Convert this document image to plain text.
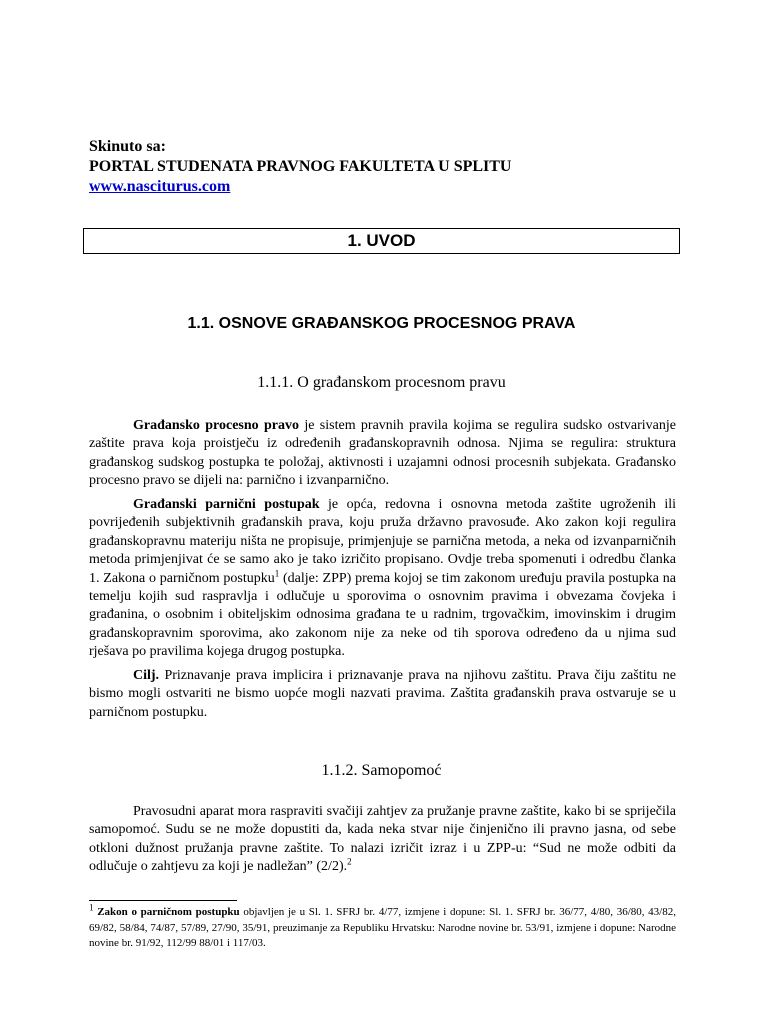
Skinuto sa:
PORTAL STUDENATA PRAVNOG FAKULTETA U SPLITU
www.nasciturus.com
1. UVOD
1.1. OSNOVE GRAĐANSKOG PROCESNOG PRAVA
1.1.1. O građanskom procesnom pravu
Građansko procesno pravo je sistem pravnih pravila kojima se regulira sudsko ostvarivanje zaštite prava koja proistječu iz određenih građanskopravnih odnosa. Njima se regulira: struktura građanskog sudskog postupka te položaj, aktivnosti i uzajamni odnosi procesnih subjekata. Građansko procesno pravo se dijeli na: parnično i izvanparnično.
Građanski parnični postupak je opća, redovna i osnovna metoda zaštite ugroženih ili povrijeđenih subjektivnih građanskih prava, koju pruža državno pravosuđe. Ako zakon koji regulira građanskopravnu materiju ništa ne propisuje, primjenjuje se parnična metoda, a neka od izvanparničnih metoda primjenjivat će se samo ako je tako izričito propisano. Ovdje treba spomenuti i odredbu članka 1. Zakona o parničnom postupku$^1$ (dalje: ZPP) prema kojoj se tim zakonom uređuju pravila postupka na temelju kojih sud raspravlja i odlučuje u sporovima o osnovnim pravima i obvezama čovjeka i građanina, o osobnim i obiteljskim odnosima građana te u radnim, trgovačkim, imovinskim i drugim građanskopravnim sporovima, ako zakonom nije za neke od tih sporova određeno da u njima sud rješava po pravilima kojega drugog postupka.
Cilj. Priznavanje prava implicira i priznavanje prava na njihovu zaštitu. Prava čiju zaštitu ne bismo mogli ostvariti ne bismo uopće mogli nazvati pravima. Zaštita građanskih prava ostvaruje se u parničnom postupku.
1.1.2. Samopomoć
Pravosudni aparat mora raspraviti svačiji zahtjev za pružanje pravne zaštite, kako bi se spriječila samopomoć. Sudu se ne može dopustiti da, kada neka stvar nije činjenično ili pravno jasna, od sebe otkloni dužnost pružanja pravne zaštite. To nalazi izričit izraz i u ZPP-u: “Sud ne može odbiti da odlučuje o zahtjevu za koji je nadležan” (2/2).$^2$
$^1$ Zakon o parničnom postupku objavljen je u Sl. 1. SFRJ br. 4/77, izmjene i dopune: Sl. 1. SFRJ br. 36/77, 4/80, 36/80, 43/82, 69/82, 58/84, 74/87, 57/89, 27/90, 35/91, preuzimanje za Republiku Hrvatsku: Narodne novine br. 53/91, izmjene i dopune: Narodne novine br. 91/92, 112/99 88/01 i 117/03.
